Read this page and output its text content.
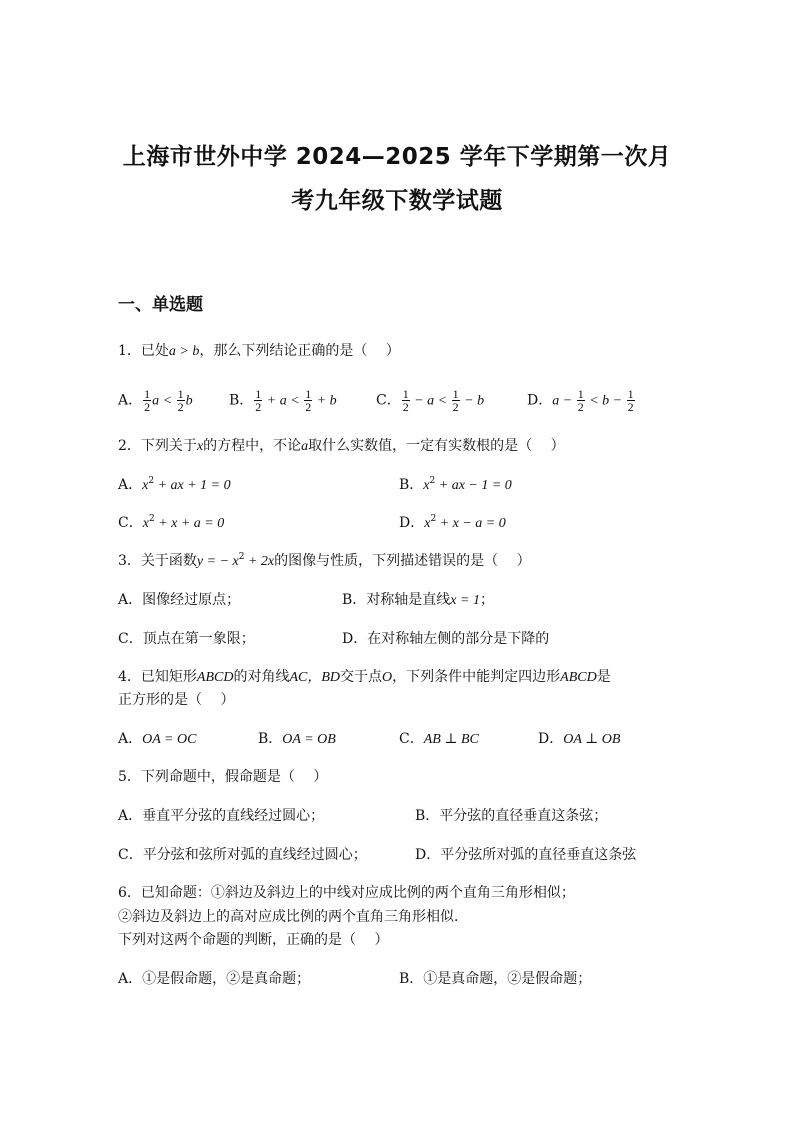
上海市世外中学 2024—2025 学年下学期第一次月
考九年级下数学试题
一、单选题
1．已处a > b，那么下列结论正确的是（　 ）
A． $\frac{1}{2}$ $a < \frac{1}{2}$ b	B． $\frac{1}{2} + a < \frac{1}{2} + b$	C． $\frac{1}{2} - a < \frac{1}{2} - b$	D．$a - \frac{1}{2} < b - \frac{1}{2}$
2．下列关于x的方程中，不论a取什么实数值，一定有实数根的是（　 ）
A．$x^2$ + ax + 1 = 0	B．$x^2$ + ax − 1 = 0
C．$x^2 + x + a = 0$	D．$x^2 + x - a = 0$
3．关于函数y = − $x^2 + 2x$的图像与性质，下列描述错误的是（　 ）
A．图像经过原点；	B．对称轴是直线x = 1；
C．顶点在第一象限；	D．在对称轴左侧的部分是下降的
4．已知矩形ABCD的对角线AC，BD交于点O，下列条件中能判定四边形ABCD是
正方形的是（　 ）
A．OA = OC	B．OA = OB	C．AB ⊥ BC	D．OA ⊥ OB
5．下列命题中，假命题是（　 ）
A．垂直平分弦的直线经过圆心；	B．平分弦的直径垂直这条弦；
C．平分弦和弦所对弧的直线经过圆心；	D．平分弦所对弧的直径垂直这条弦
6．已知命题：①斜边及斜边上的中线对应成比例的两个直角三角形相似；
②斜边及斜边上的高对应成比例的两个直角三角形相似．
下列对这两个命题的判断，正确的是（　 ）
A．①是假命题，②是真命题；	B．①是真命题，②是假命题；
